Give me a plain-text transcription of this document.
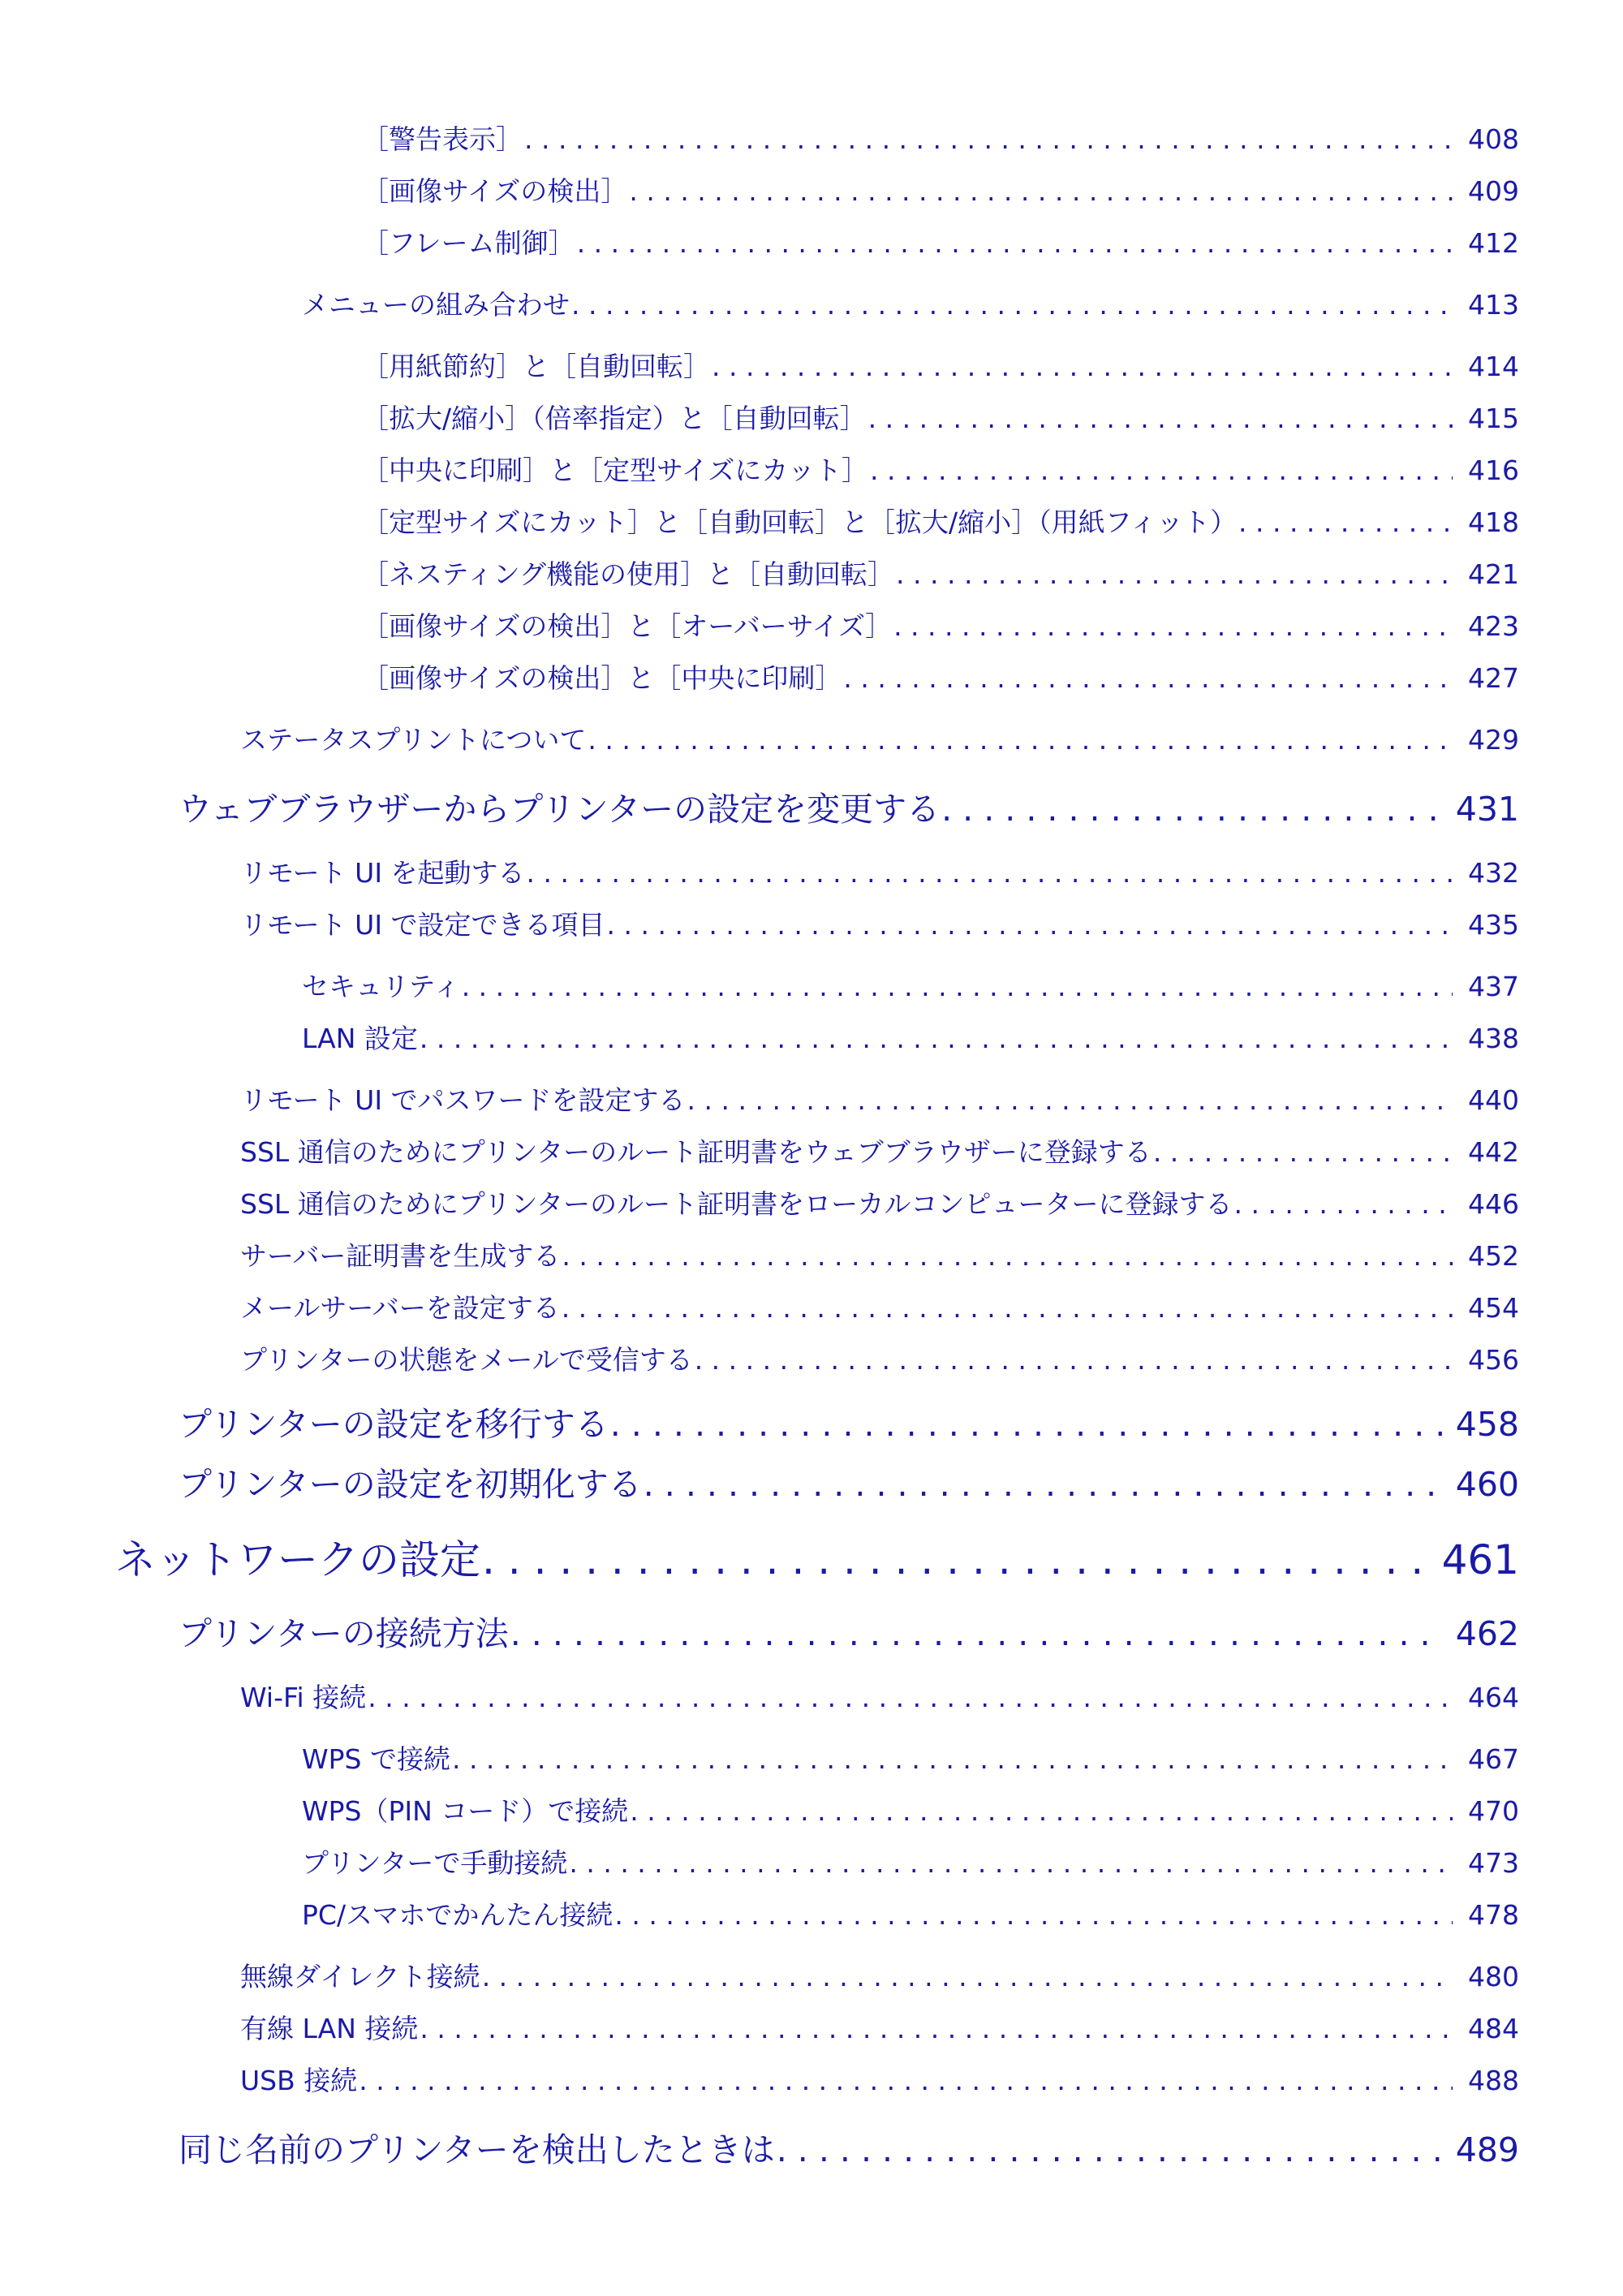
［警告表示］ . . .	408
［画像サイズの検出］ . . .	409
［フレーム制御］ . . .	412
メニューの組み合わせ . . .	413
［用紙節約］と［自動回転］ . . .	414
［拡大/縮小］（倍率指定）と［自動回転］ . . .	415
［中央に印刷］と［定型サイズにカット］ . . .	416
［定型サイズにカット］と［自動回転］と［拡大/縮小］（用紙フィット） . . .	418
［ネスティング機能の使用］と［自動回転］ . . .	421
［画像サイズの検出］と［オーバーサイズ］ . . .	423
［画像サイズの検出］と［中央に印刷］ . . .	427
ステータスプリントについて . . .	429
ウェブブラウザーからプリンターの設定を変更する . . .	431
リモート UI を起動する . . .	432
リモート UI で設定できる項目 . . .	435
セキュリティ . . .	437
LAN 設定 . . .	438
リモート UI でパスワードを設定する . . .	440
SSL 通信のためにプリンターのルート証明書をウェブブラウザーに登録する . . .	442
SSL 通信のためにプリンターのルート証明書をローカルコンピューターに登録する . . .	446
サーバー証明書を生成する . . .	452
メールサーバーを設定する . . .	454
プリンターの状態をメールで受信する . . .	456
プリンターの設定を移行する . . .	458
プリンターの設定を初期化する . . .	460
ネットワークの設定 . . .	461
プリンターの接続方法 . . .	462
Wi-Fi 接続 . . .	464
WPS で接続 . . .	467
WPS（PIN コード）で接続 . . .	470
プリンターで手動接続 . . .	473
PC/スマホでかんたん接続 . . .	478
無線ダイレクト接続 . . .	480
有線 LAN 接続 . . .	484
USB 接続 . . .	488
同じ名前のプリンターを検出したときは . . .	489
